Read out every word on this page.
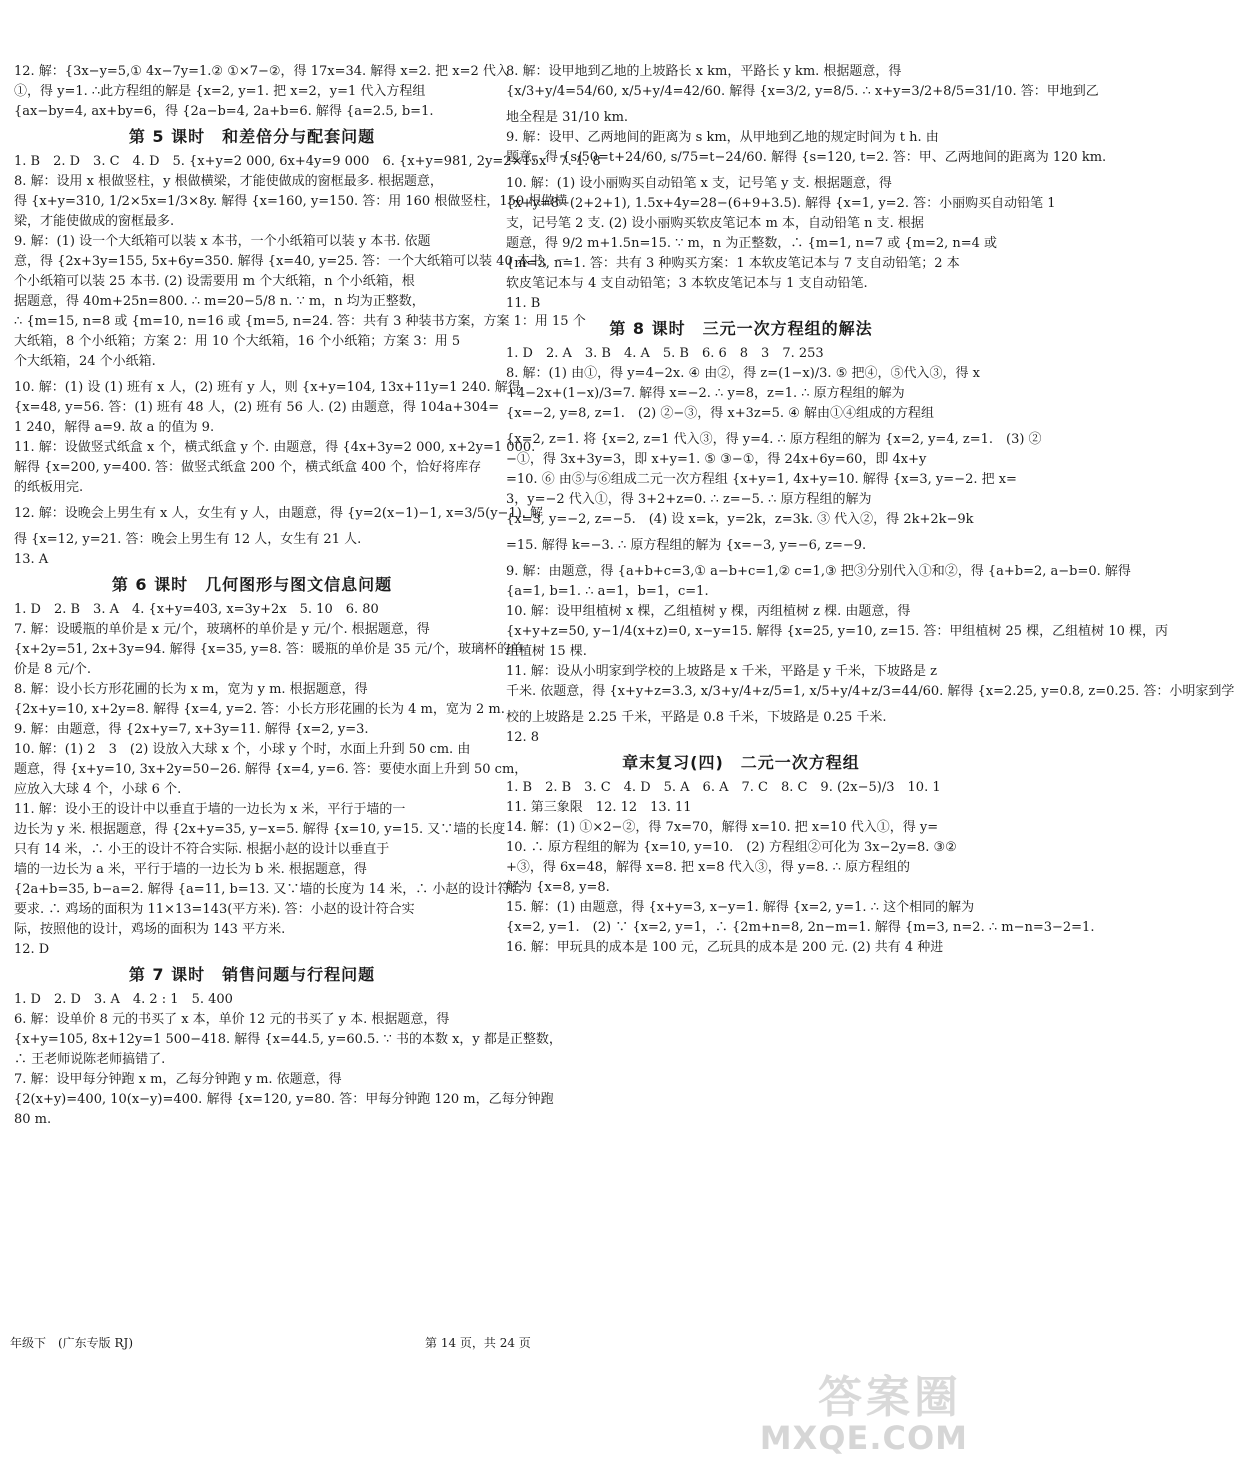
12. 解：{3x−y=5,① 4x−7y=1.② ①×7−②，得 17x=34. 解得 x=2. 把 x=2 代入
①，得 y=1. ∴此方程组的解是 {x=2, y=1. 把 x=2，y=1 代入方程组
{ax−by=4, ax+by=6，得 {2a−b=4, 2a+b=6. 解得 {a=2.5, b=1.
第 5 课时　和差倍分与配套问题
1. B　2. D　3. C　4. D　5. {x+y=2 000, 6x+4y=9 000　6. {x+y=981, 2y=2×15x　7. 1. 8
8. 解：设用 x 根做竖柱，y 根做横梁，才能使做成的窗框最多. 根据题意，
得 {x+y=310, 1/2×5x=1/3×8y. 解得 {x=160, y=150. 答：用 160 根做竖柱，150 根做横
梁，才能使做成的窗框最多.
9. 解：(1) 设一个大纸箱可以装 x 本书，一个小纸箱可以装 y 本书. 依题
意，得 {2x+3y=155, 5x+6y=350. 解得 {x=40, y=25. 答：一个大纸箱可以装 40 本书，一
个小纸箱可以装 25 本书. (2) 设需要用 m 个大纸箱，n 个小纸箱，根
据题意，得 40m+25n=800. ∴ m=20−5/8 n. ∵ m，n 均为正整数，
∴ {m=15, n=8 或 {m=10, n=16 或 {m=5, n=24. 答：共有 3 种装书方案，方案 1：用 15 个
大纸箱，8 个小纸箱；方案 2：用 10 个大纸箱，16 个小纸箱；方案 3：用 5
个大纸箱，24 个小纸箱.
10. 解：(1) 设 (1) 班有 x 人，(2) 班有 y 人，则 {x+y=104, 13x+11y=1 240. 解得
{x=48, y=56. 答：(1) 班有 48 人，(2) 班有 56 人. (2) 由题意，得 104a+304=
1 240，解得 a=9. 故 a 的值为 9.
11. 解：设做竖式纸盒 x 个，横式纸盒 y 个. 由题意，得 {4x+3y=2 000, x+2y=1 000.
解得 {x=200, y=400. 答：做竖式纸盒 200 个，横式纸盒 400 个，恰好将库存
的纸板用完.
12. 解：设晚会上男生有 x 人，女生有 y 人，由题意，得 {y=2(x−1)−1, x=3/5(y−1). 解
得 {x=12, y=21. 答：晚会上男生有 12 人，女生有 21 人.
13. A
第 6 课时　几何图形与图文信息问题
1. D　2. B　3. A　4. {x+y=403, x=3y+2x　5. 10　6. 80
7. 解：设暖瓶的单价是 x 元/个，玻璃杯的单价是 y 元/个. 根据题意，得
{x+2y=51, 2x+3y=94. 解得 {x=35, y=8. 答：暖瓶的单价是 35 元/个，玻璃杯的单
价是 8 元/个.
8. 解：设小长方形花圃的长为 x m，宽为 y m. 根据题意，得
{2x+y=10, x+2y=8. 解得 {x=4, y=2. 答：小长方形花圃的长为 4 m，宽为 2 m.
9. 解：由题意，得 {2x+y=7, x+3y=11. 解得 {x=2, y=3.
10. 解：(1) 2　3　(2) 设放入大球 x 个，小球 y 个时，水面上升到 50 cm. 由
题意，得 {x+y=10, 3x+2y=50−26. 解得 {x=4, y=6. 答：要使水面上升到 50 cm，
应放入大球 4 个，小球 6 个.
11. 解：设小王的设计中以垂直于墙的一边长为 x 米，平行于墙的一
边长为 y 米. 根据题意，得 {2x+y=35, y−x=5. 解得 {x=10, y=15. 又∵墙的长度
只有 14 米，∴ 小王的设计不符合实际. 根据小赵的设计以垂直于
墙的一边长为 a 米，平行于墙的一边长为 b 米. 根据题意，得
{2a+b=35, b−a=2. 解得 {a=11, b=13. 又∵墙的长度为 14 米，∴ 小赵的设计符合
要求. ∴ 鸡场的面积为 11×13=143(平方米). 答：小赵的设计符合实
际，按照他的设计，鸡场的面积为 143 平方米.
12. D
第 7 课时　销售问题与行程问题
1. D　2. D　3. A　4. 2 : 1　5. 400
6. 解：设单价 8 元的书买了 x 本，单价 12 元的书买了 y 本. 根据题意，得
{x+y=105, 8x+12y=1 500−418. 解得 {x=44.5, y=60.5. ∵ 书的本数 x，y 都是正整数，
∴ 王老师说陈老师搞错了.
7. 解：设甲每分钟跑 x m，乙每分钟跑 y m. 依题意，得
{2(x+y)=400, 10(x−y)=400. 解得 {x=120, y=80. 答：甲每分钟跑 120 m，乙每分钟跑
80 m.
8. 解：设甲地到乙地的上坡路长 x km，平路长 y km. 根据题意，得
{x/3+y/4=54/60, x/5+y/4=42/60. 解得 {x=3/2, y=8/5. ∴ x+y=3/2+8/5=31/10. 答：甲地到乙
地全程是 31/10 km.
9. 解：设甲、乙两地间的距离为 s km，从甲地到乙地的规定时间为 t h. 由
题意，得 {s/50=t+24/60, s/75=t−24/60. 解得 {s=120, t=2. 答：甲、乙两地间的距离为 120 km.
10. 解：(1) 设小丽购买自动铅笔 x 支，记号笔 y 支. 根据题意，得
{x+y=8−(2+2+1), 1.5x+4y=28−(6+9+3.5). 解得 {x=1, y=2. 答：小丽购买自动铅笔 1
支，记号笔 2 支. (2) 设小丽购买软皮笔记本 m 本，自动铅笔 n 支. 根据
题意，得 9/2 m+1.5n=15. ∵ m，n 为正整数，∴ {m=1, n=7 或 {m=2, n=4 或
{m=3, n=1. 答：共有 3 种购买方案：1 本软皮笔记本与 7 支自动铅笔；2 本
软皮笔记本与 4 支自动铅笔；3 本软皮笔记本与 1 支自动铅笔.
11. B
第 8 课时　三元一次方程组的解法
1. D　2. A　3. B　4. A　5. B　6. 6　8　3　7. 253
8. 解：(1) 由①，得 y=4−2x. ④ 由②，得 z=(1−x)/3. ⑤ 把④，⑤代入③，得 x
+4−2x+(1−x)/3=7. 解得 x=−2. ∴ y=8，z=1. ∴ 原方程组的解为
{x=−2, y=8, z=1.　(2) ②−③，得 x+3z=5. ④ 解由①④组成的方程组
{x=2, z=1. 将 {x=2, z=1 代入③，得 y=4. ∴ 原方程组的解为 {x=2, y=4, z=1.　(3) ②
−①，得 3x+3y=3，即 x+y=1. ⑤ ③−①，得 24x+6y=60，即 4x+y
=10. ⑥ 由⑤与⑥组成二元一次方程组 {x+y=1, 4x+y=10. 解得 {x=3, y=−2. 把 x=
3，y=−2 代入①，得 3+2+z=0. ∴ z=−5. ∴ 原方程组的解为
{x=3, y=−2, z=−5.　(4) 设 x=k，y=2k，z=3k. ③ 代入②，得 2k+2k−9k
=15. 解得 k=−3. ∴ 原方程组的解为 {x=−3, y=−6, z=−9.
9. 解：由题意，得 {a+b+c=3,① a−b+c=1,② c=1,③ 把③分别代入①和②，得 {a+b=2, a−b=0. 解得
{a=1, b=1. ∴ a=1，b=1，c=1.
10. 解：设甲组植树 x 棵，乙组植树 y 棵，丙组植树 z 棵. 由题意，得
{x+y+z=50, y−1/4(x+z)=0, x−y=15. 解得 {x=25, y=10, z=15. 答：甲组植树 25 棵，乙组植树 10 棵，丙
组植树 15 棵.
11. 解：设从小明家到学校的上坡路是 x 千米，平路是 y 千米，下坡路是 z
千米. 依题意，得 {x+y+z=3.3, x/3+y/4+z/5=1, x/5+y/4+z/3=44/60. 解得 {x=2.25, y=0.8, z=0.25. 答：小明家到学
校的上坡路是 2.25 千米，平路是 0.8 千米，下坡路是 0.25 千米.
12. 8
章末复习(四)　二元一次方程组
1. B　2. B　3. C　4. D　5. A　6. A　7. C　8. C　9. (2x−5)/3　10. 1
11. 第三象限　12. 12　13. 11
14. 解：(1) ①×2−②，得 7x=70，解得 x=10. 把 x=10 代入①，得 y=
10. ∴ 原方程组的解为 {x=10, y=10.　(2) 方程组②可化为 3x−2y=8. ③②
+③，得 6x=48，解得 x=8. 把 x=8 代入③，得 y=8. ∴ 原方程组的
解为 {x=8, y=8.
15. 解：(1) 由题意，得 {x+y=3, x−y=1. 解得 {x=2, y=1. ∴ 这个相同的解为
{x=2, y=1.　(2) ∵ {x=2, y=1，∴ {2m+n=8, 2n−m=1. 解得 {m=3, n=2. ∴ m−n=3−2=1.
16. 解：甲玩具的成本是 100 元，乙玩具的成本是 200 元. (2) 共有 4 种进
年级下　(广东专版 RJ)	第 14 页，共 24 页
答案圈
MXQE.COM
